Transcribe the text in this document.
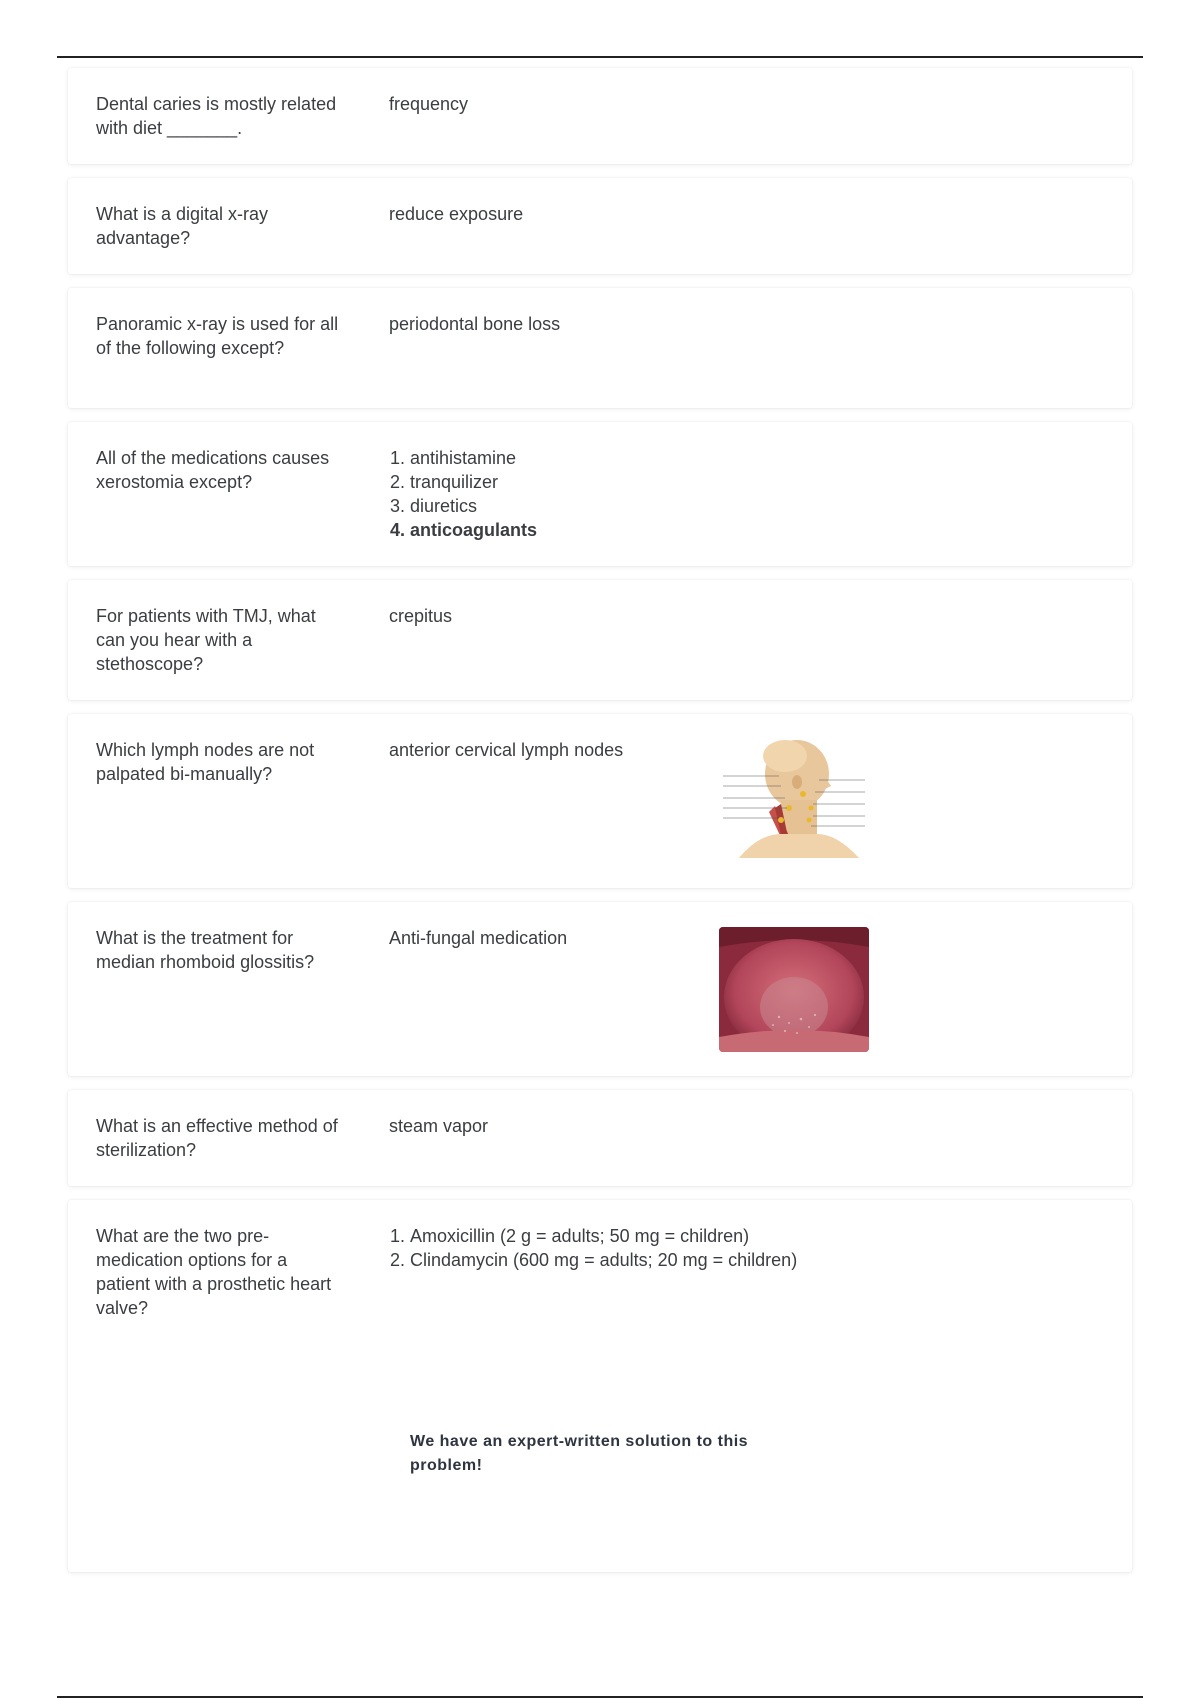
Dental caries is mostly related with diet _______.
frequency
What is a digital x-ray advantage?
reduce exposure
Panoramic x-ray is used for all of the following except?
periodontal bone loss
All of the medications causes xerostomia except?
1. antihistamine
2. tranquilizer
3. diuretics
4. anticoagulants
For patients with TMJ, what can you hear with a stethoscope?
crepitus
Which lymph nodes are not palpated bi-manually?
anterior cervical lymph nodes
What is the treatment for median rhomboid glossitis?
Anti-fungal medication
What is an effective method of sterilization?
steam vapor
What are the two pre-medication options for a patient with a prosthetic heart valve?
1. Amoxicillin (2 g = adults; 50 mg = children)
2. Clindamycin (600 mg = adults; 20 mg = children)
We have an expert-written solution to this problem!
